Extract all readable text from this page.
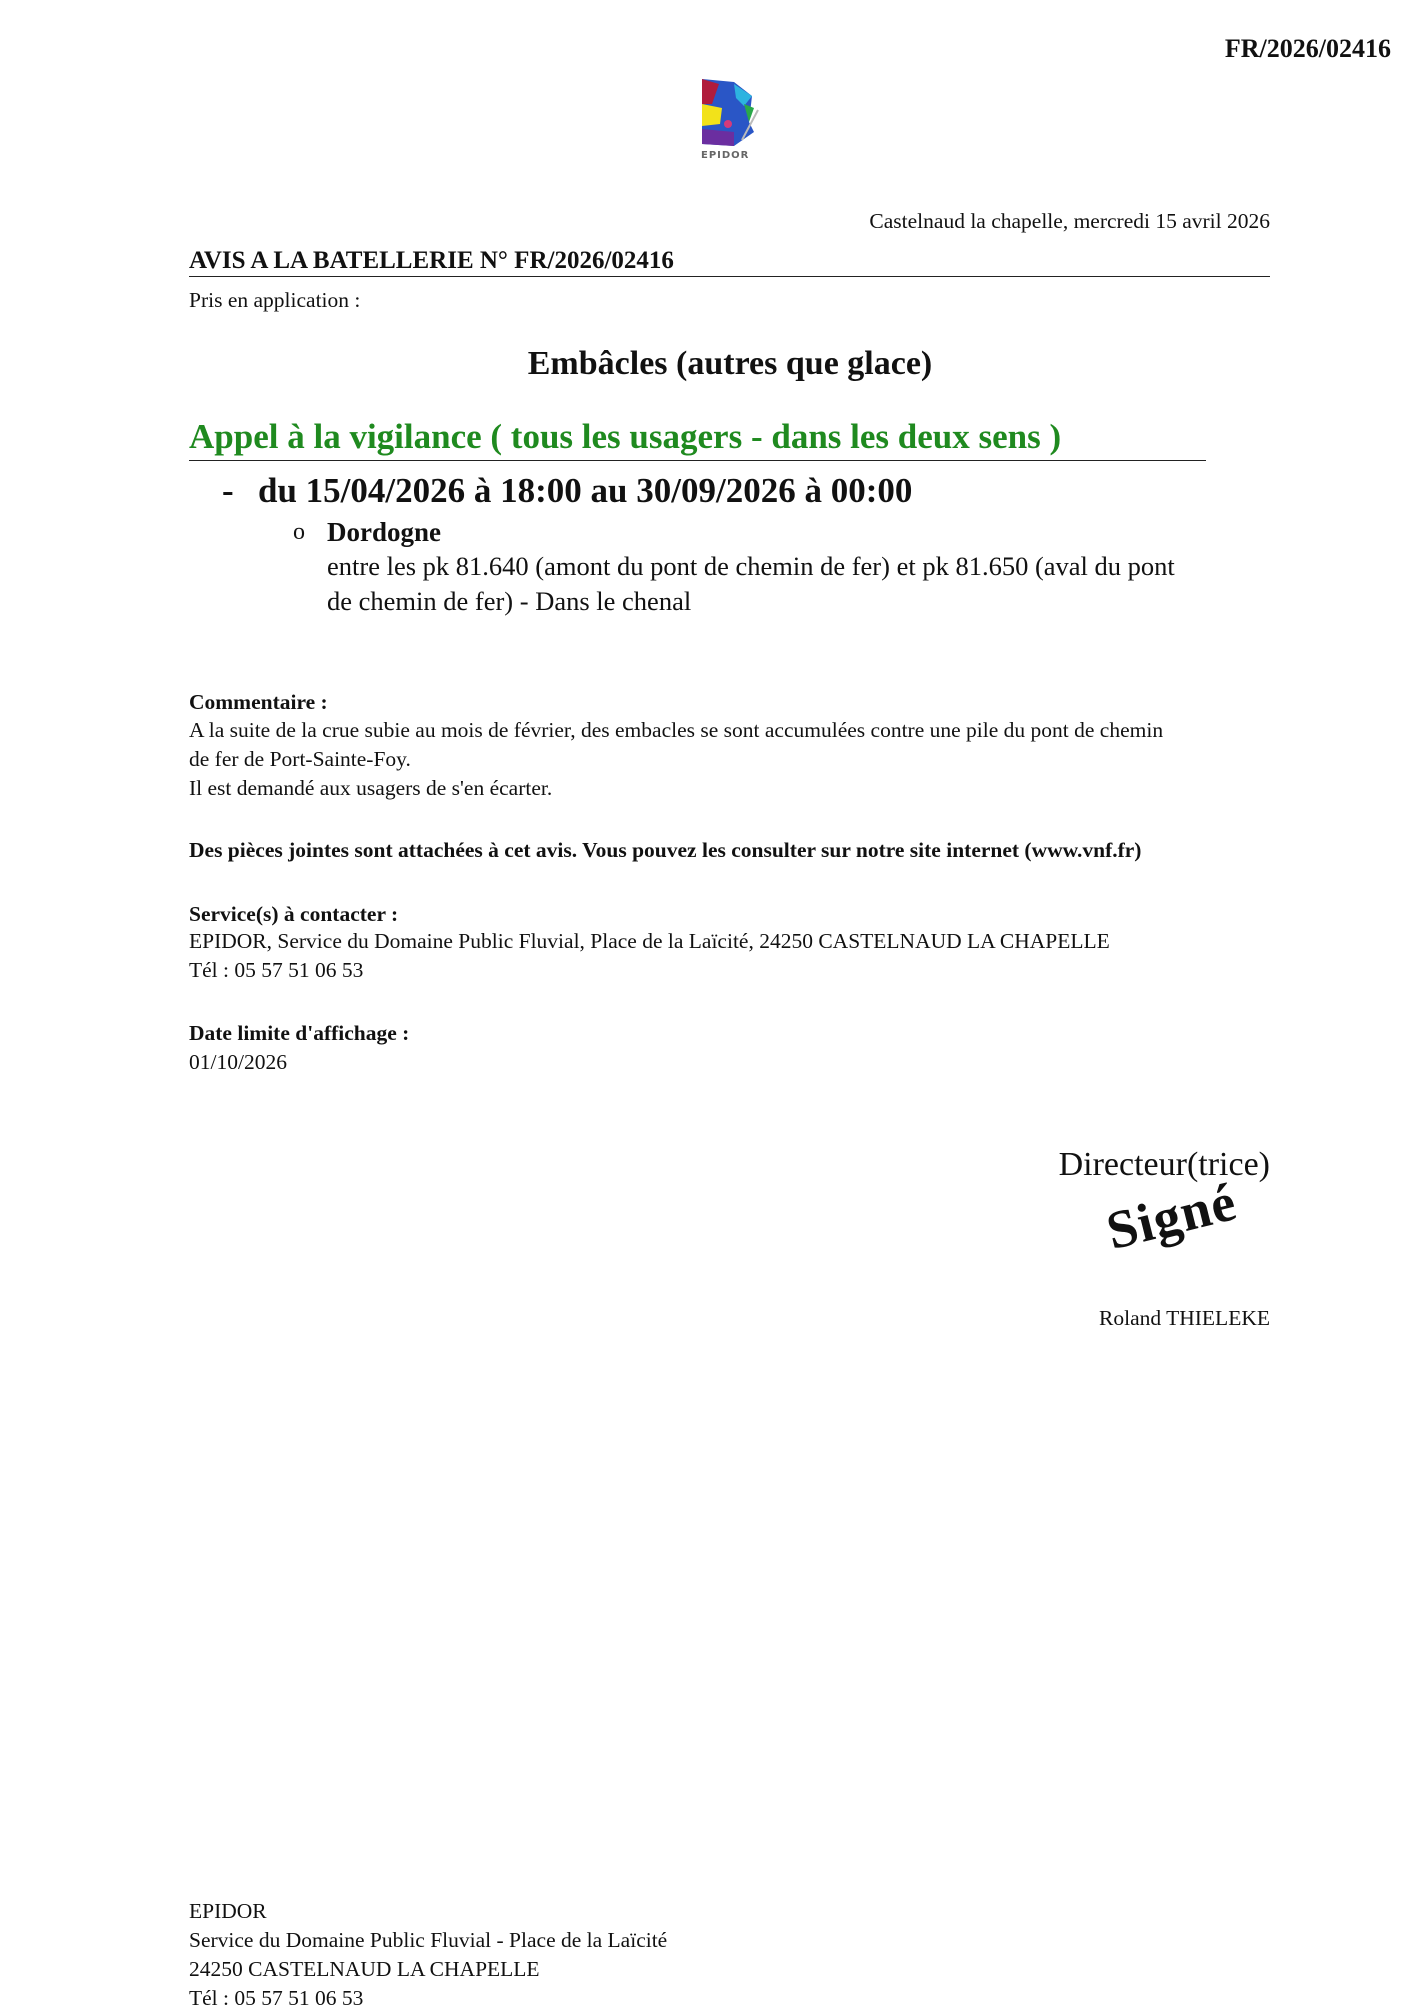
FR/2026/02416
EPIDOR
Castelnaud la chapelle, mercredi 15 avril 2026
AVIS A LA BATELLERIE N° FR/2026/02416
Pris en application :
Embâcles (autres que glace)
Appel à la vigilance ( tous les usagers - dans les deux sens )
- du 15/04/2026 à 18:00 au 30/09/2026 à 00:00
o Dordogne
entre les pk 81.640 (amont du pont de chemin de fer) et pk 81.650 (aval du pont
de chemin de fer) - Dans le chenal
Commentaire :
A la suite de la crue subie au mois de février, des embacles se sont accumulées contre une pile du pont de chemin
de fer de Port-Sainte-Foy.
Il est demandé aux usagers de s'en écarter.
Des pièces jointes sont attachées à cet avis. Vous pouvez les consulter sur notre site internet (www.vnf.fr)
Service(s) à contacter :
EPIDOR, Service du Domaine Public Fluvial, Place de la Laïcité, 24250 CASTELNAUD LA CHAPELLE
Tél : 05 57 51 06 53
Date limite d'affichage :
01/10/2026
Directeur(trice)
Signé
Roland THIELEKE
EPIDOR
Service du Domaine Public Fluvial - Place de la Laïcité
24250 CASTELNAUD LA CHAPELLE
Tél : 05 57 51 06 53
